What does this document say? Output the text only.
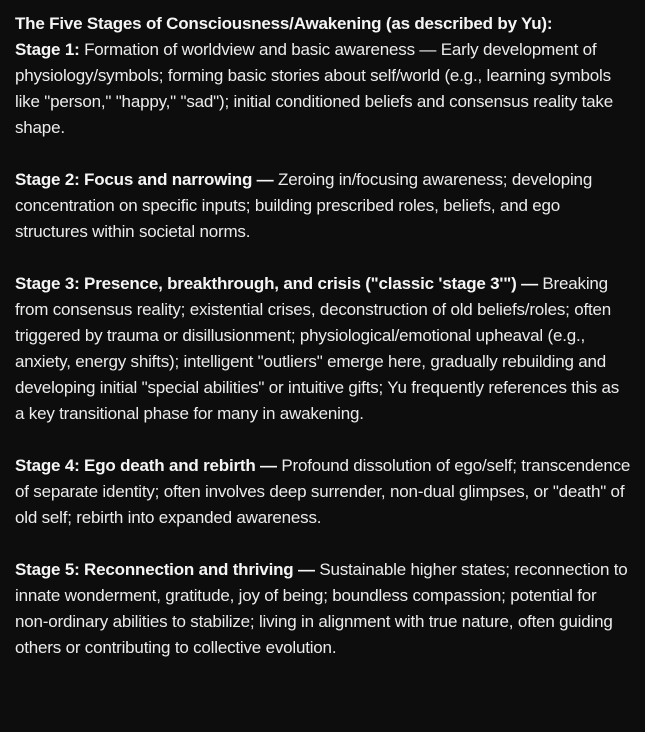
The Five Stages of Consciousness/Awakening (as described by Yu):

Stage 1: Formation of worldview and basic awareness — Early development of physiology/symbols; forming basic stories about self/world (e.g., learning symbols like "person," "happy," "sad"); initial conditioned beliefs and consensus reality take shape.

Stage 2: Focus and narrowing — Zeroing in/focusing awareness; developing concentration on specific inputs; building prescribed roles, beliefs, and ego structures within societal norms.

Stage 3: Presence, breakthrough, and crisis ("classic 'stage 3'") — Breaking from consensus reality; existential crises, deconstruction of old beliefs/roles; often triggered by trauma or disillusionment; physiological/emotional upheaval (e.g., anxiety, energy shifts); intelligent "outliers" emerge here, gradually rebuilding and developing initial "special abilities" or intuitive gifts; Yu frequently references this as a key transitional phase for many in awakening.

Stage 4: Ego death and rebirth — Profound dissolution of ego/self; transcendence of separate identity; often involves deep surrender, non-dual glimpses, or "death" of old self; rebirth into expanded awareness.

Stage 5: Reconnection and thriving — Sustainable higher states; reconnection to innate wonderment, gratitude, joy of being; boundless compassion; potential for non-ordinary abilities to stabilize; living in alignment with true nature, often guiding others or contributing to collective evolution.
